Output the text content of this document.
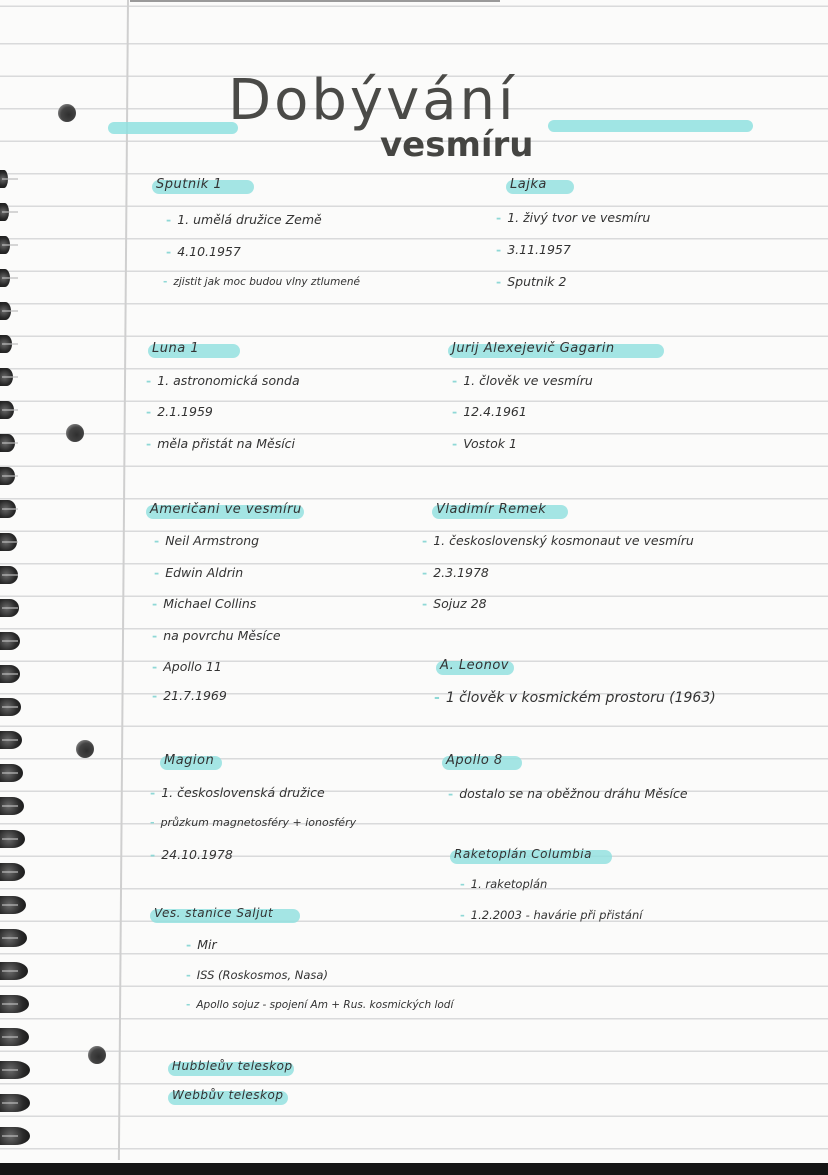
Dobývání
vesmíru
Sputnik 1
- 1. umělá družice Země
- 4.10.1957
- zjistit jak moc budou vlny ztlumené
Lajka
- 1. živý tvor ve vesmíru
- 3.11.1957
- Sputnik 2
Luna 1
- 1. astronomická sonda
- 2.1.1959
- měla přistát na Měsíci
Jurij Alexejevič Gagarin
- 1. člověk ve vesmíru
- 12.4.1961
- Vostok 1
Američani ve vesmíru
- Neil Armstrong
- Edwin Aldrin
- Michael Collins
- na povrchu Měsíce
- Apollo 11
- 21.7.1969
Vladimír Remek
- 1. československý kosmonaut ve vesmíru
- 2.3.1978
- Sojuz 28
A. Leonov
- 1 člověk v kosmickém prostoru (1963)
Magion
- 1. československá družice
- průzkum magnetosféry + ionosféry
- 24.10.1978
Apollo 8
- dostalo se na oběžnou dráhu Měsíce
Raketoplán Columbia
- 1. raketoplán
- 1.2.2003 - havárie při přistání
Ves. stanice Saljut
- Mir
- ISS (Roskosmos, Nasa)
- Apollo sojuz - spojení Am + Rus. kosmických lodí
Hubbleův teleskop
Webbův teleskop
